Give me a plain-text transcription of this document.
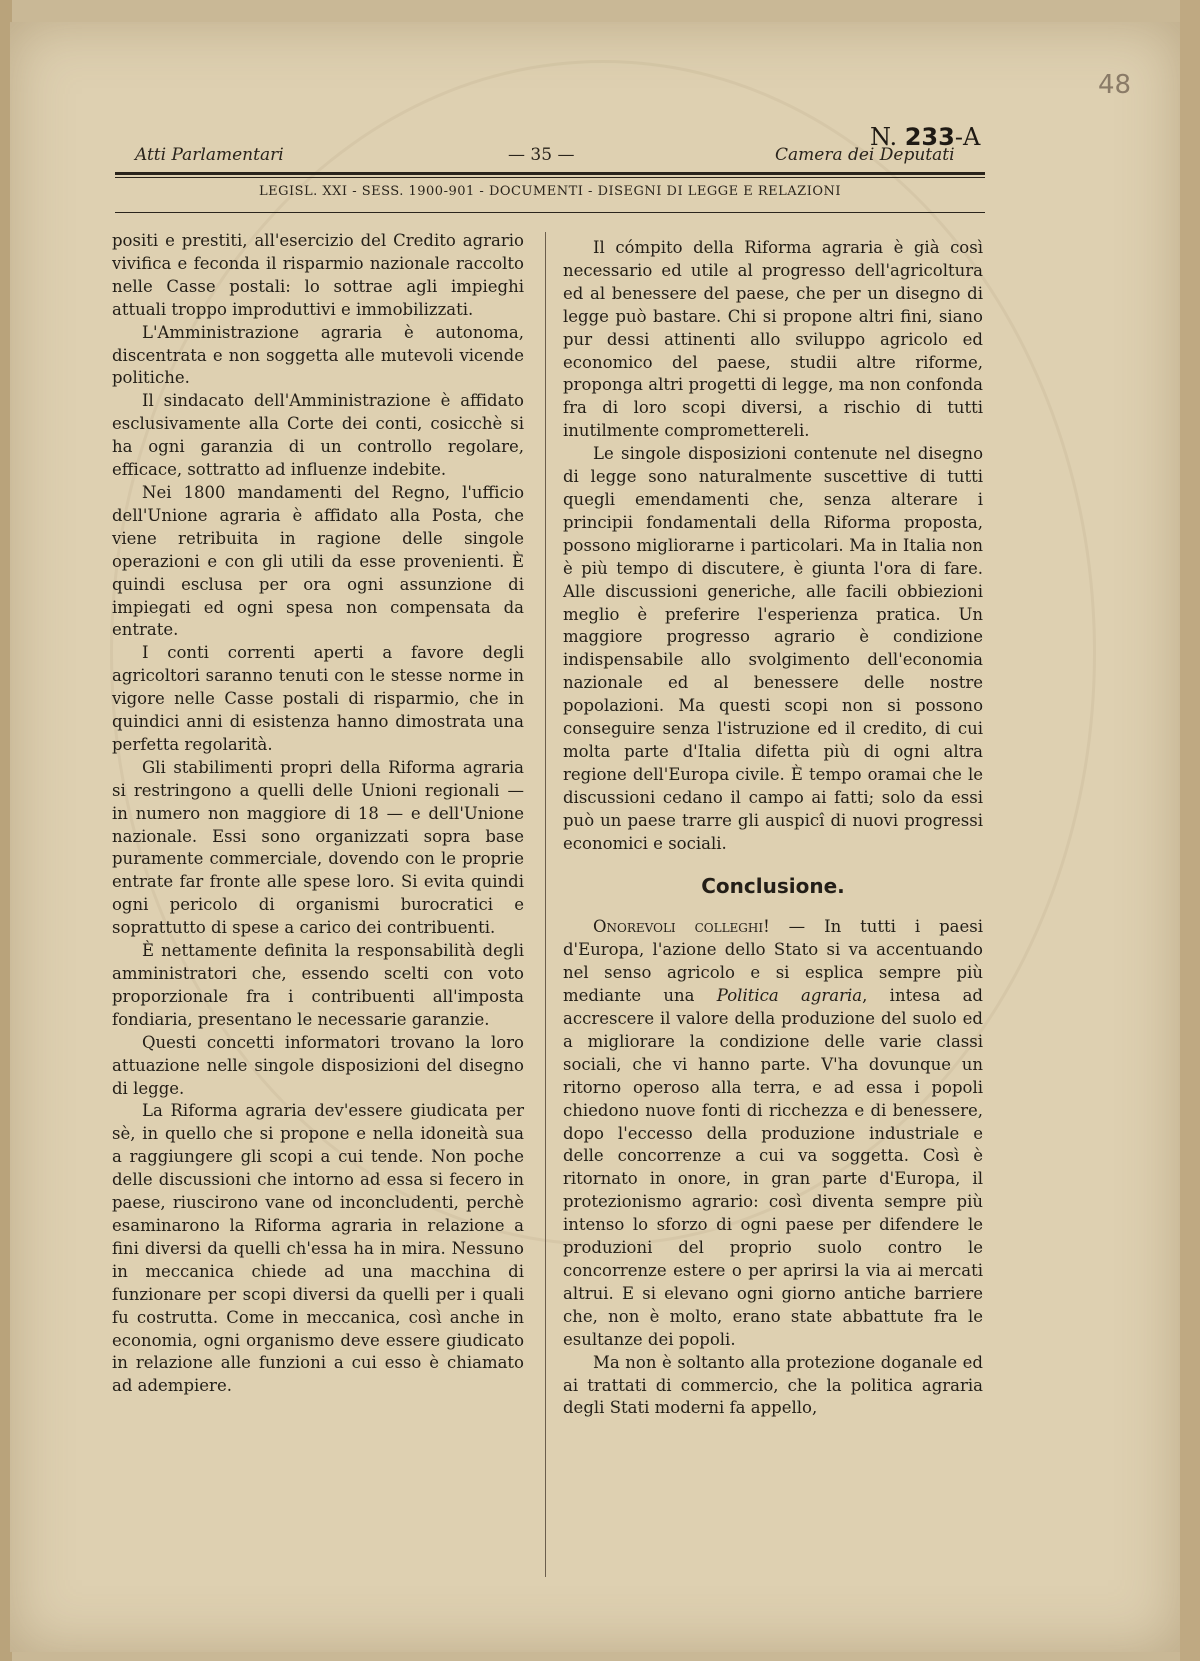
48
Atti Parlamentari	— 35 —
N. 233-A
Camera dei Deputati
LEGISL. XXI - SESS. 1900-901 - DOCUMENTI - DISEGNI DI LEGGE E RELAZIONI

positi e prestiti, all'esercizio del Credito agrario vivifica e feconda il risparmio nazionale raccolto nelle Casse postali: lo sottrae agli impieghi attuali troppo improduttivi e immobilizzati.

L'Amministrazione agraria è autonoma, discentrata e non soggetta alle mutevoli vicende politiche.

Il sindacato dell'Amministrazione è affidato esclusivamente alla Corte dei conti, cosicchè si ha ogni garanzia di un controllo regolare, efficace, sottratto ad influenze indebite.

Nei 1800 mandamenti del Regno, l'ufficio dell'Unione agraria è affidato alla Posta, che viene retribuita in ragione delle singole operazioni e con gli utili da esse provenienti. È quindi esclusa per ora ogni assunzione di impiegati ed ogni spesa non compensata da entrate.

I conti correnti aperti a favore degli agricoltori saranno tenuti con le stesse norme in vigore nelle Casse postali di risparmio, che in quindici anni di esistenza hanno dimostrata una perfetta regolarità.

Gli stabilimenti propri della Riforma agraria si restringono a quelli delle Unioni regionali — in numero non maggiore di 18 — e dell'Unione nazionale. Essi sono organizzati sopra base puramente commerciale, dovendo con le proprie entrate far fronte alle spese loro. Si evita quindi ogni pericolo di organismi burocratici e soprattutto di spese a carico dei contribuenti.

È nettamente definita la responsabilità degli amministratori che, essendo scelti con voto proporzionale fra i contribuenti all'imposta fondiaria, presentano le necessarie garanzie.

Questi concetti informatori trovano la loro attuazione nelle singole disposizioni del disegno di legge.

La Riforma agraria dev'essere giudicata per sè, in quello che si propone e nella idoneità sua a raggiungere gli scopi a cui tende. Non poche delle discussioni che intorno ad essa si fecero in paese, riuscirono vane od inconcludenti, perchè esaminarono la Riforma agraria in relazione a fini diversi da quelli ch'essa ha in mira. Nessuno in meccanica chiede ad una macchina di funzionare per scopi diversi da quelli per i quali fu costrutta. Come in meccanica, così anche in economia, ogni organismo deve essere giudicato in relazione alle funzioni a cui esso è chiamato ad adempiere.

Il cómpito della Riforma agraria è già così necessario ed utile al progresso dell'agricoltura ed al benessere del paese, che per un disegno di legge può bastare. Chi si propone altri fini, siano pur dessi attinenti allo sviluppo agricolo ed economico del paese, studii altre riforme, proponga altri progetti di legge, ma non confonda fra di loro scopi diversi, a rischio di tutti inutilmente compromettereli.

Le singole disposizioni contenute nel disegno di legge sono naturalmente suscettive di tutti quegli emendamenti che, senza alterare i principii fondamentali della Riforma proposta, possono migliorarne i particolari. Ma in Italia non è più tempo di discutere, è giunta l'ora di fare. Alle discussioni generiche, alle facili obbiezioni meglio è preferire l'esperienza pratica. Un maggiore progresso agrario è condizione indispensabile allo svolgimento dell'economia nazionale ed al benessere delle nostre popolazioni. Ma questi scopi non si possono conseguire senza l'istruzione ed il credito, di cui molta parte d'Italia difetta più di ogni altra regione dell'Europa civile. È tempo oramai che le discussioni cedano il campo ai fatti; solo da essi può un paese trarre gli auspicî di nuovi progressi economici e sociali.

Conclusione.

Onorevoli colleghi! — In tutti i paesi d'Europa, l'azione dello Stato si va accentuando nel senso agricolo e si esplica sempre più mediante una Politica agraria, intesa ad accrescere il valore della produzione del suolo ed a migliorare la condizione delle varie classi sociali, che vi hanno parte. V'ha dovunque un ritorno operoso alla terra, e ad essa i popoli chiedono nuove fonti di ricchezza e di benessere, dopo l'eccesso della produzione industriale e delle concorrenze a cui va soggetta. Così è ritornato in onore, in gran parte d'Europa, il protezionismo agrario: così diventa sempre più intenso lo sforzo di ogni paese per difendere le produzioni del proprio suolo contro le concorrenze estere o per aprirsi la via ai mercati altrui. E si elevano ogni giorno antiche barriere che, non è molto, erano state abbattute fra le esultanze dei popoli.

Ma non è soltanto alla protezione doganale ed ai trattati di commercio, che la politica agraria degli Stati moderni fa appello,
